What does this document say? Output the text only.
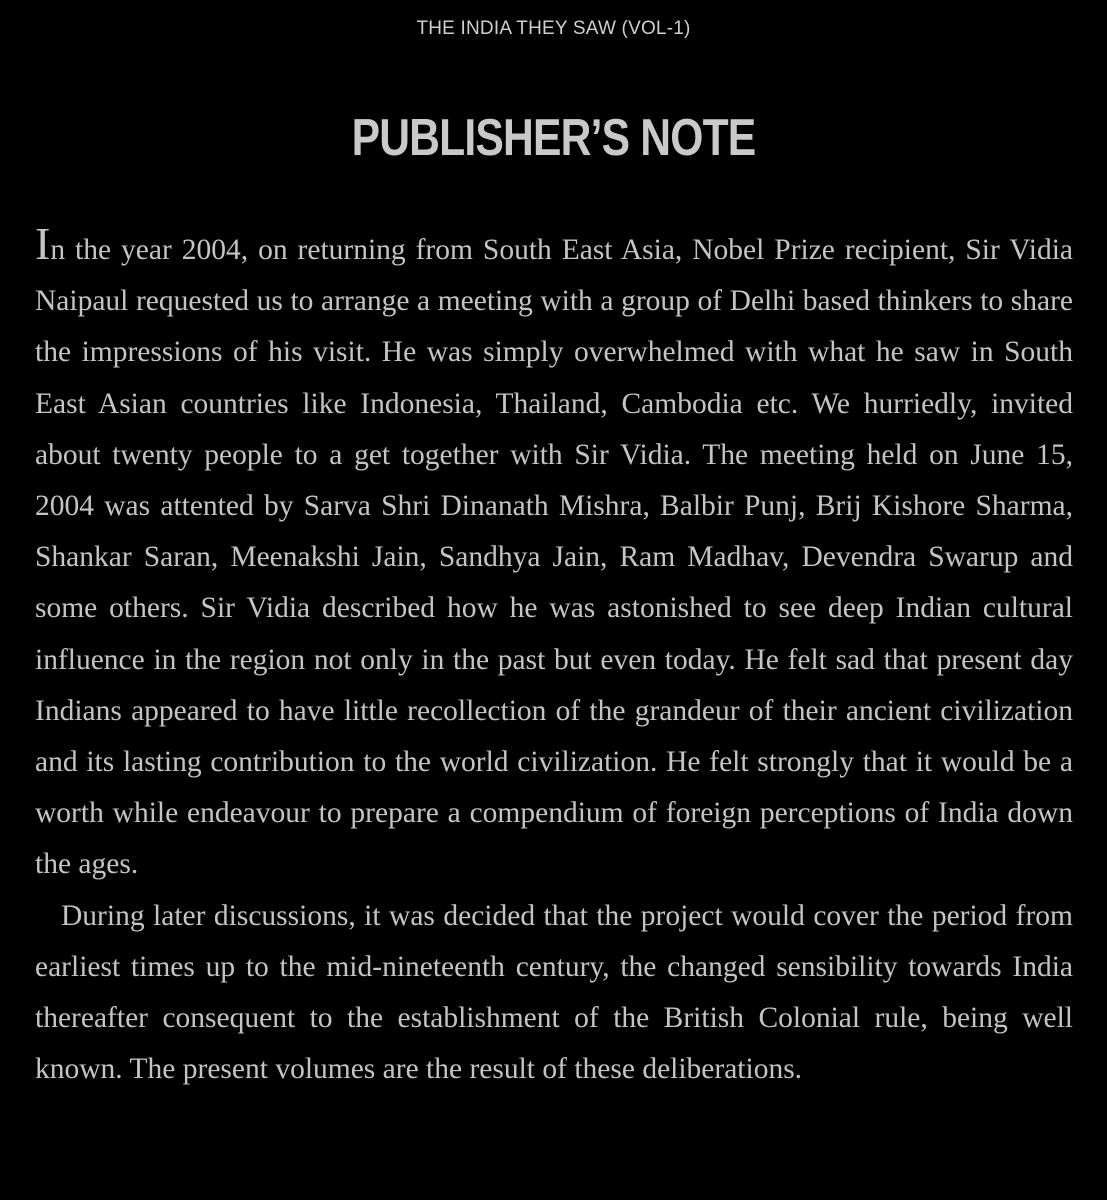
THE INDIA THEY SAW (VOL-1)
PUBLISHER’S NOTE

In the year 2004, on returning from South East Asia, Nobel Prize recipient, Sir Vidia Naipaul requested us to arrange a meeting with a group of Delhi based thinkers to share the impressions of his visit. He was simply overwhelmed with what he saw in South East Asian countries like Indonesia, Thailand, Cambodia etc. We hurriedly, invited about twenty people to a get together with Sir Vidia. The meeting held on June 15, 2004 was attented by Sarva Shri Dinanath Mishra, Balbir Punj, Brij Kishore Sharma, Shankar Saran, Meenakshi Jain, Sandhya Jain, Ram Madhav, Devendra Swarup and some others. Sir Vidia described how he was astonished to see deep Indian cultural influence in the region not only in the past but even today. He felt sad that present day Indians appeared to have little recollection of the grandeur of their ancient civilization and its lasting contribution to the world civilization. He felt strongly that it would be a worth while endeavour to prepare a compendium of foreign perceptions of India down the ages.

During later discussions, it was decided that the project would cover the period from earliest times up to the mid-nineteenth century, the changed sensibility towards India thereafter consequent to the establishment of the British Colonial rule, being well known. The present volumes are the result of these deliberations.
